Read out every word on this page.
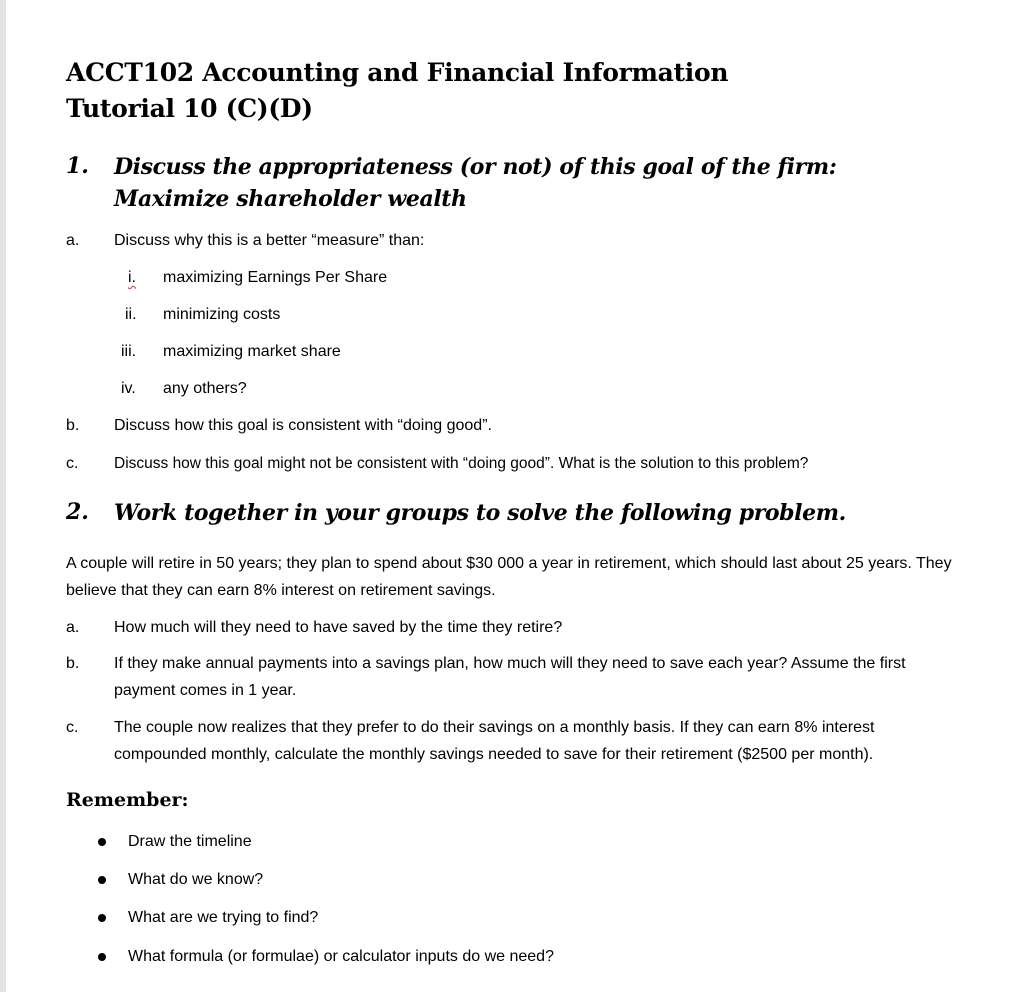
ACCT102 Accounting and Financial Information
Tutorial 10 (C)(D)
1. Discuss the appropriateness (or not) of this goal of the firm: Maximize shareholder wealth
a. Discuss why this is a better “measure” than:
i. maximizing Earnings Per Share
ii. minimizing costs
iii. maximizing market share
iv. any others?
b. Discuss how this goal is consistent with “doing good”.
c. Discuss how this goal might not be consistent with “doing good”. What is the solution to this problem?
2. Work together in your groups to solve the following problem.
A couple will retire in 50 years; they plan to spend about $30 000 a year in retirement, which should last about 25 years. They believe that they can earn 8% interest on retirement savings.
a. How much will they need to have saved by the time they retire?
b. If they make annual payments into a savings plan, how much will they need to save each year? Assume the first payment comes in 1 year.
c. The couple now realizes that they prefer to do their savings on a monthly basis. If they can earn 8% interest compounded monthly, calculate the monthly savings needed to save for their retirement ($2500 per month).
Remember:
Draw the timeline
What do we know?
What are we trying to find?
What formula (or formulae) or calculator inputs do we need?
